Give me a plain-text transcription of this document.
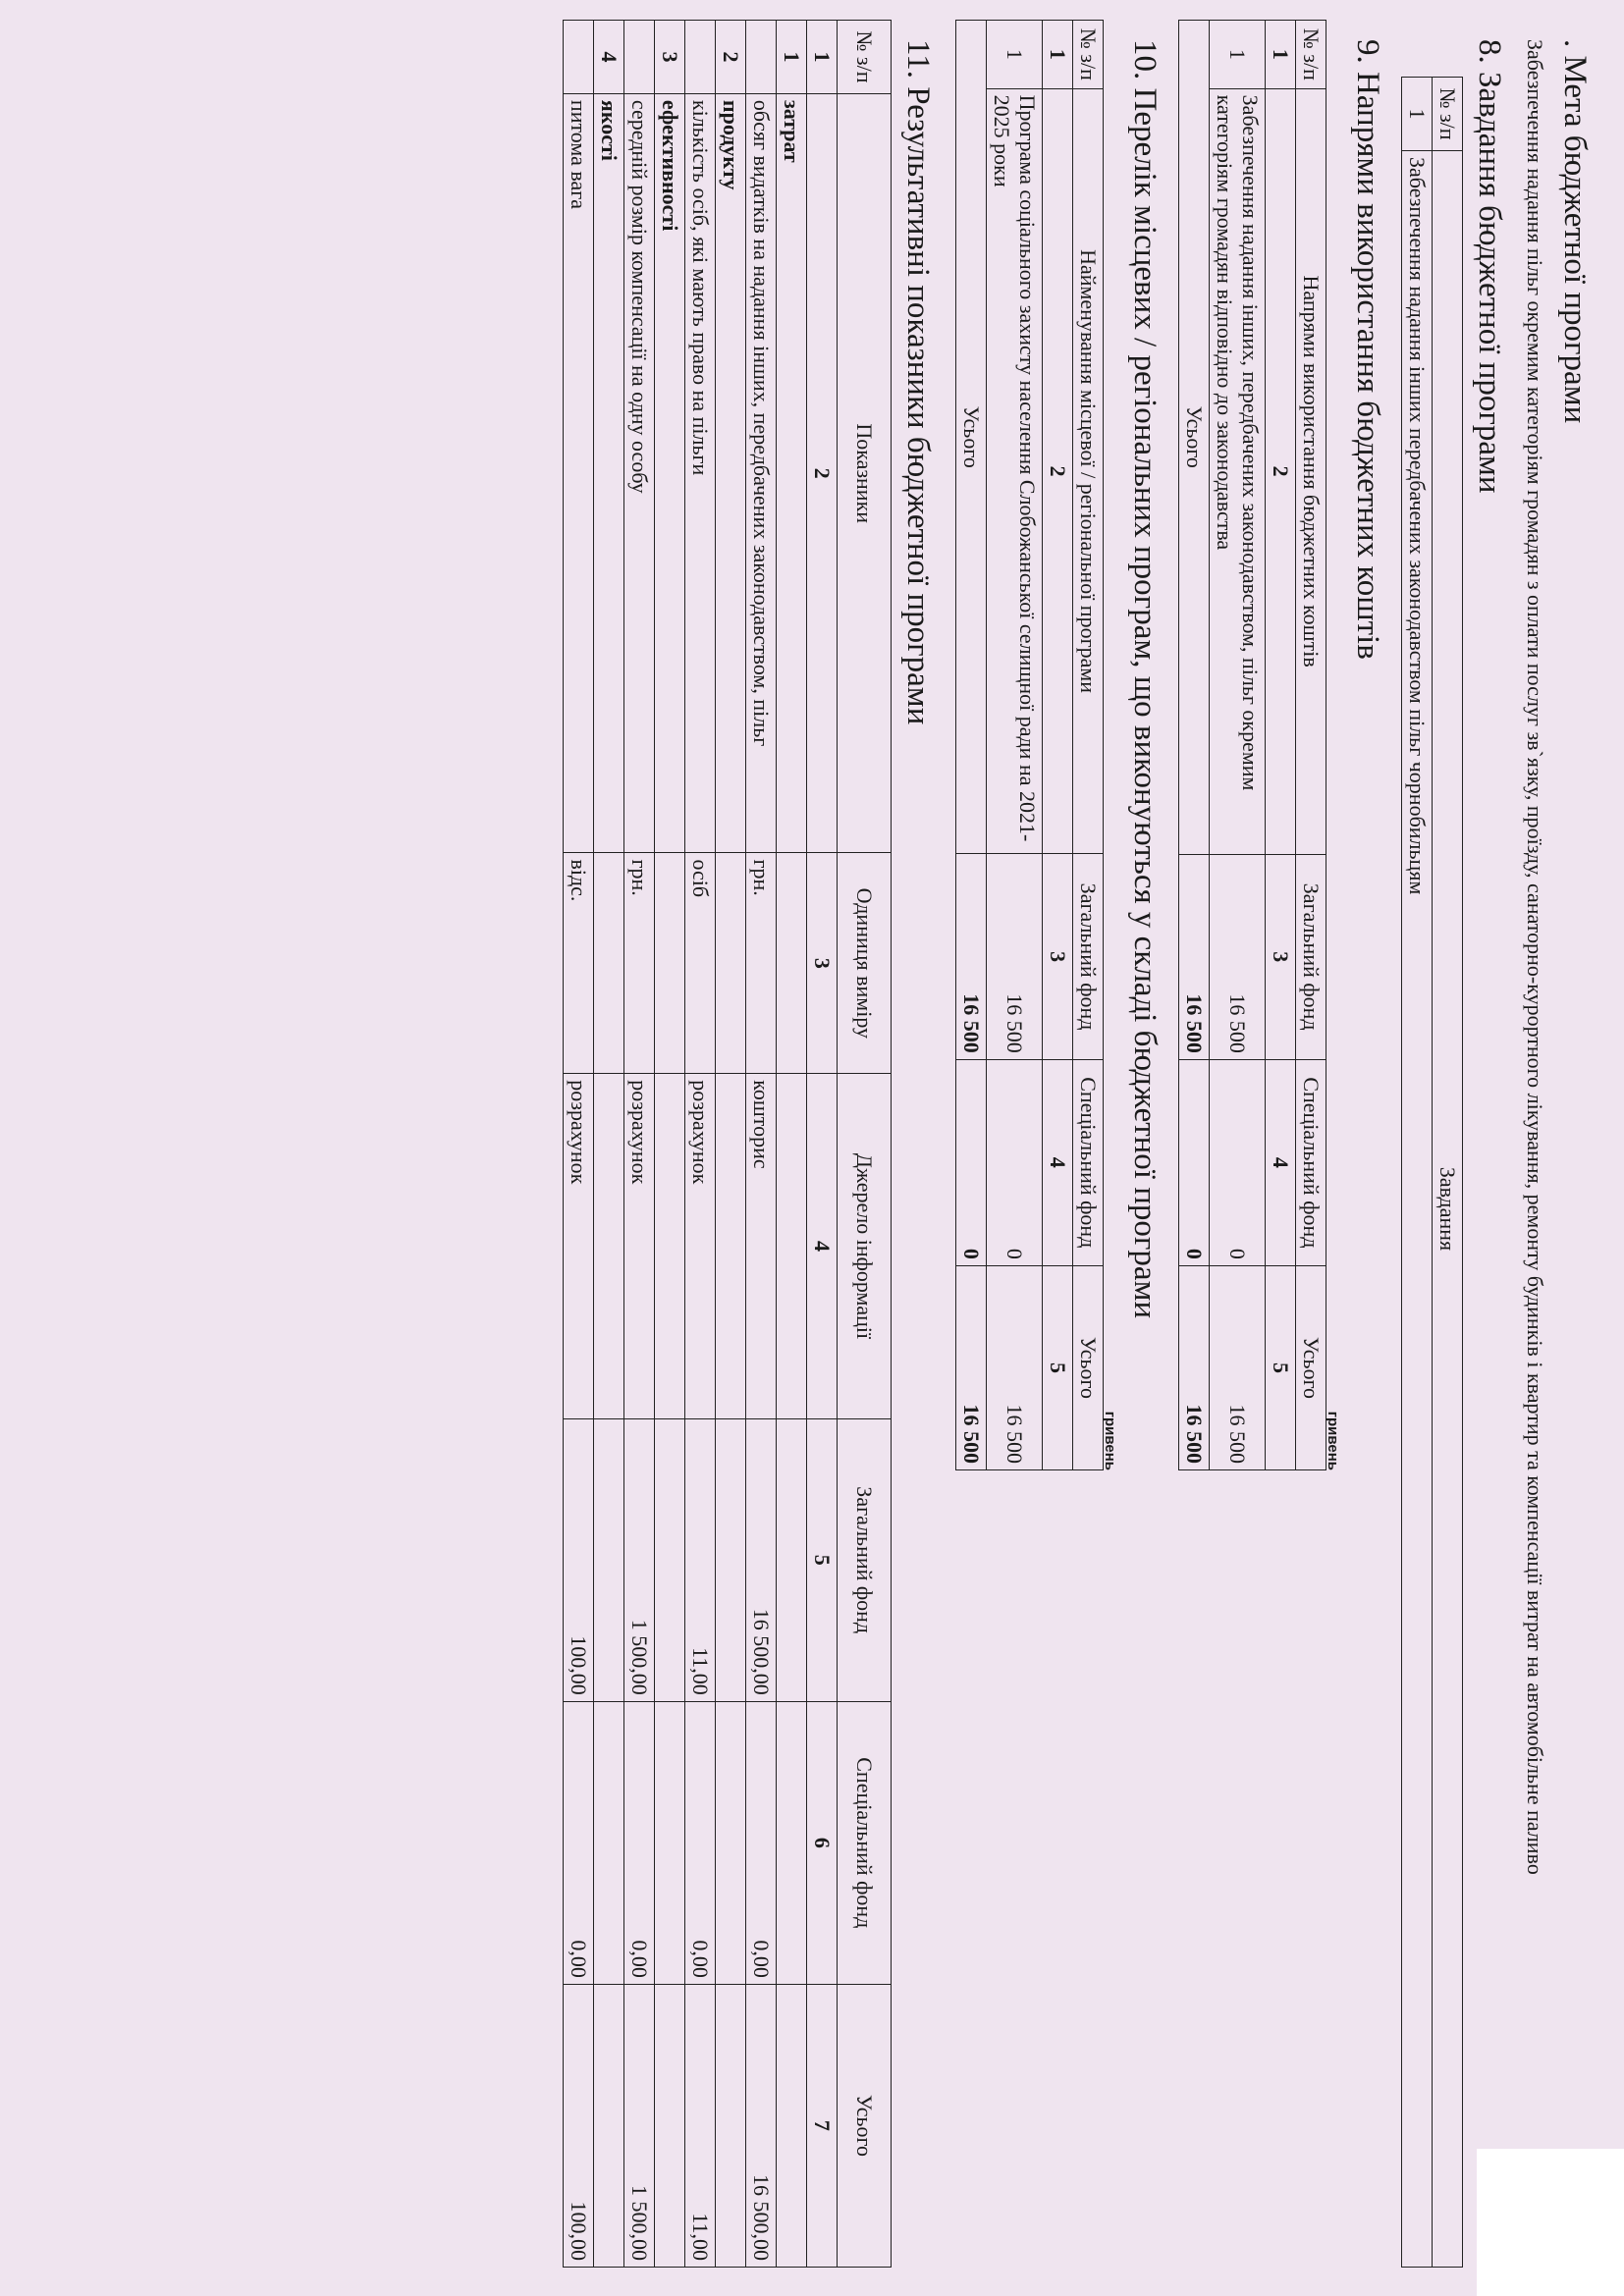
. Мета бюджетної програми
Забезпечення надання пільг окремим категоріям громадян з оплати послуг зв`язку, проїзду, санаторно-курортного лікування, ремонту будинків і квартир та компенсації витрат на автомобільне паливо
8. Завдання бюджетної програми
№ з/п	Завдання
1	Забезпечення надання інших передбачених законодавством пільг чорнобильцям
9. Напрями використання бюджетних коштів
гривень
№ з/п	Напрями використання бюджетних коштів	Загальний фонд	Спеціальний фонд	Усього
1	2	3	4	5
1	Забезпечення надання інших, передбачених законодавством, пільг окремим категоріям громадян відповідно до законодавства	16 500	0	16 500
Усього		16 500	0	16 500
10. Перелік місцевих / регіональних програм, що виконуються у складі бюджетної програми
гривень
№ з/п	Найменування місцевої / регіональної програми	Загальний фонд	Спеціальний фонд	Усього
1	2	3	4	5
1	Програма соціального захисту населення Слобожанської селищної ради на 2021-2025 роки	16 500	0	16 500
Усього		16 500	0	16 500
11. Результативні показники бюджетної програми
№ з/п	Показники	Одиниця виміру	Джерело інформації	Загальний фонд	Спеціальний фонд	Усього
1	2	3	4	5	6	7
1	затрат					
	обсяг видатків на надання інших, передбачених законодавством, пільг	грн.	кошторис	16 500,00	0,00	16 500,00
2	продукту					
	кількість осіб, які мають право на пільги	осіб	розрахунок	11,00	0,00	11,00
3	ефективності					
	середній розмір компенсації на одну особу	грн.	розрахунок	1 500,00	0,00	1 500,00
4	якості					
	питома вага	відс.	розрахунок	100,00	0,00	100,00
